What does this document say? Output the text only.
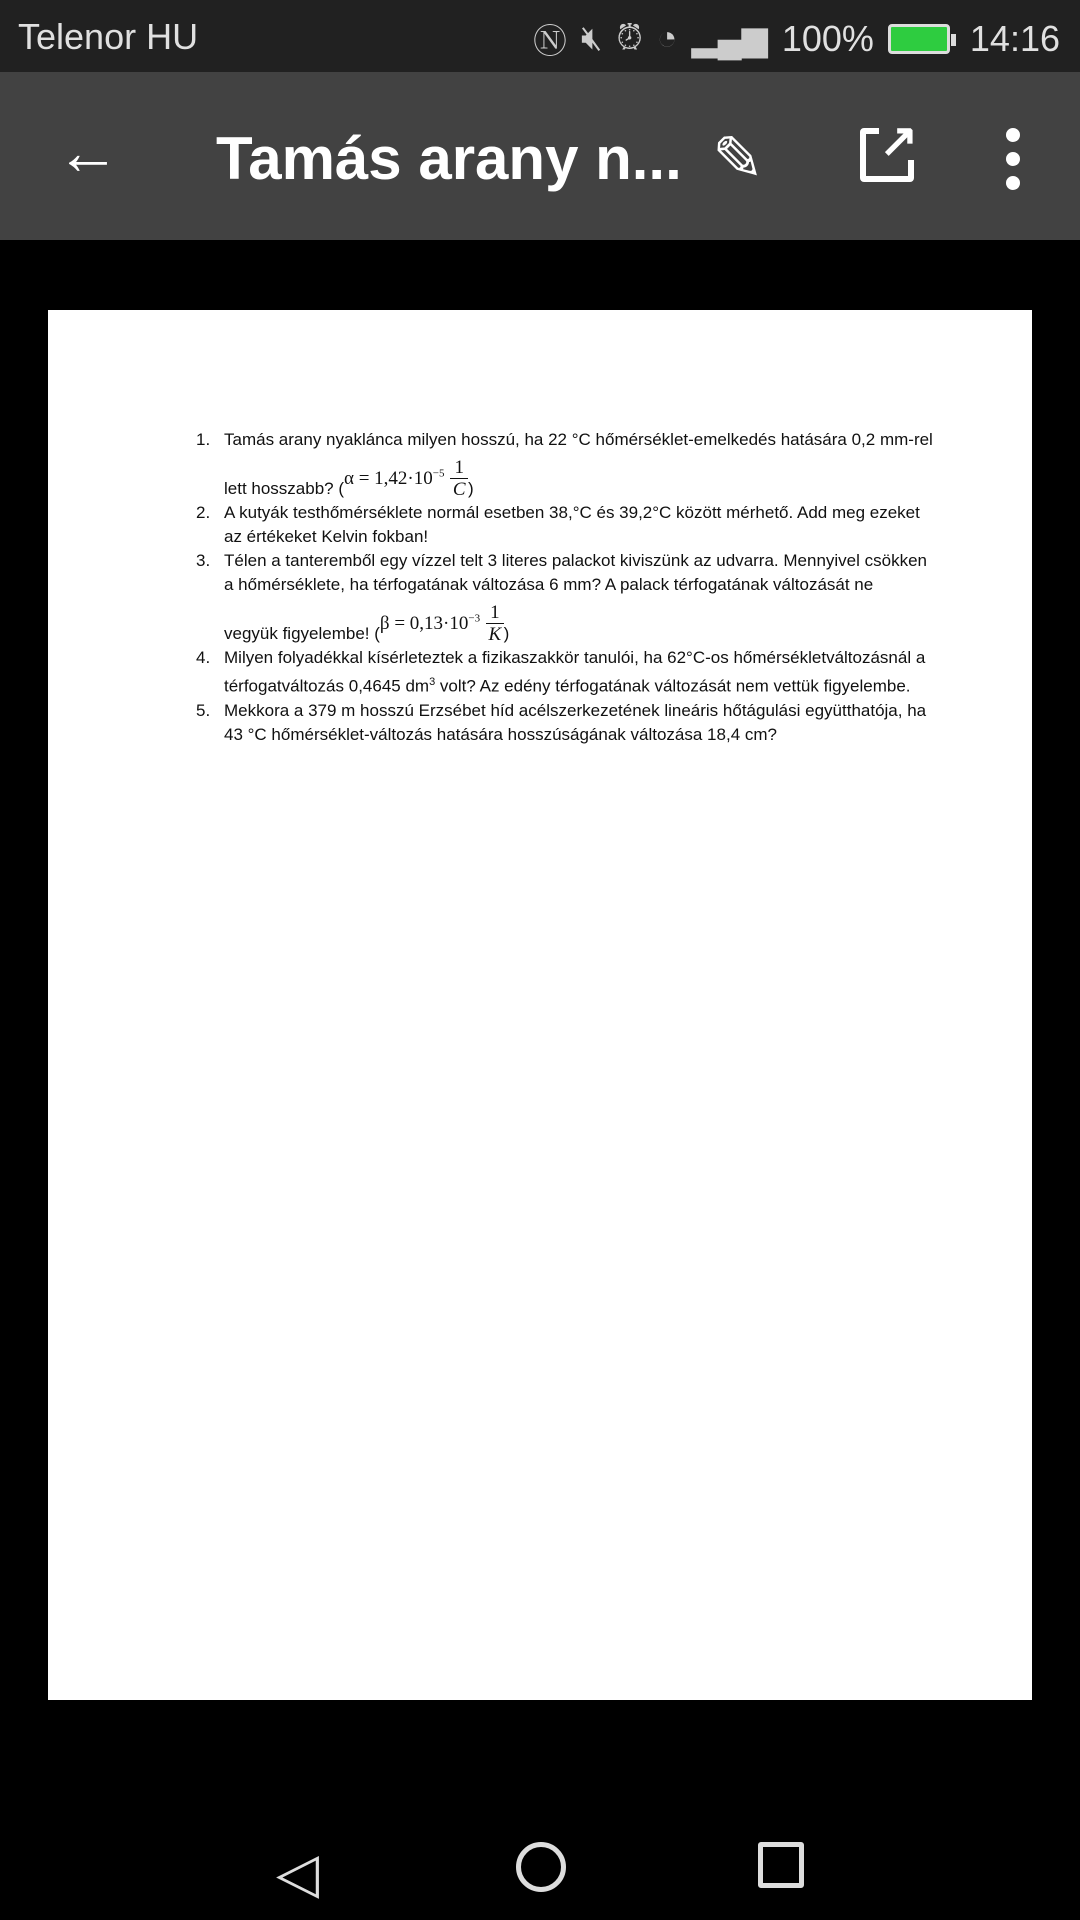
Telenor HU	Ⓝ 🔇︎ ⏰︎ ◔ ▂▄▆ 100%	14:16
← Tamás arany n... ✎	↗
1. Tamás arany nyaklánca milyen hosszú, ha 22 °C hőmérséklet-emelkedés hatására 0,2 mm-rel
lett hosszabb? ($\alpha = 1,42\cdot 10^{-5} \frac{1}{C}$ )
2. A kutyák testhőmérséklete normál esetben 38,°C és 39,2°C között mérhető. Add meg ezeket
az értékeket Kelvin fokban!
3. Télen a tanteremből egy vízzel telt 3 literes palackot kiviszünk az udvarra. Mennyivel csökken
a hőmérséklete, ha térfogatának változása 6 mm? A palack térfogatának változását ne
vegyük figyelembe! ($\beta = 0,13\cdot 10^{-3} \frac{1}{K}$ )
4. Milyen folyadékkal kísérleteztek a fizikaszakkör tanulói, ha 62°C-os hőmérsékletváltozásnál a
térfogatváltozás 0,4645 $dm^3$ volt? Az edény térfogatának változását nem vettük figyelembe.
5. Mekkora a 379 m hosszú Erzsébet híd acélszerkezetének lineáris hőtágulási együtthatója, ha
43 °C hőmérséklet-változás hatására hosszúságának változása 18,4 cm?
◁
